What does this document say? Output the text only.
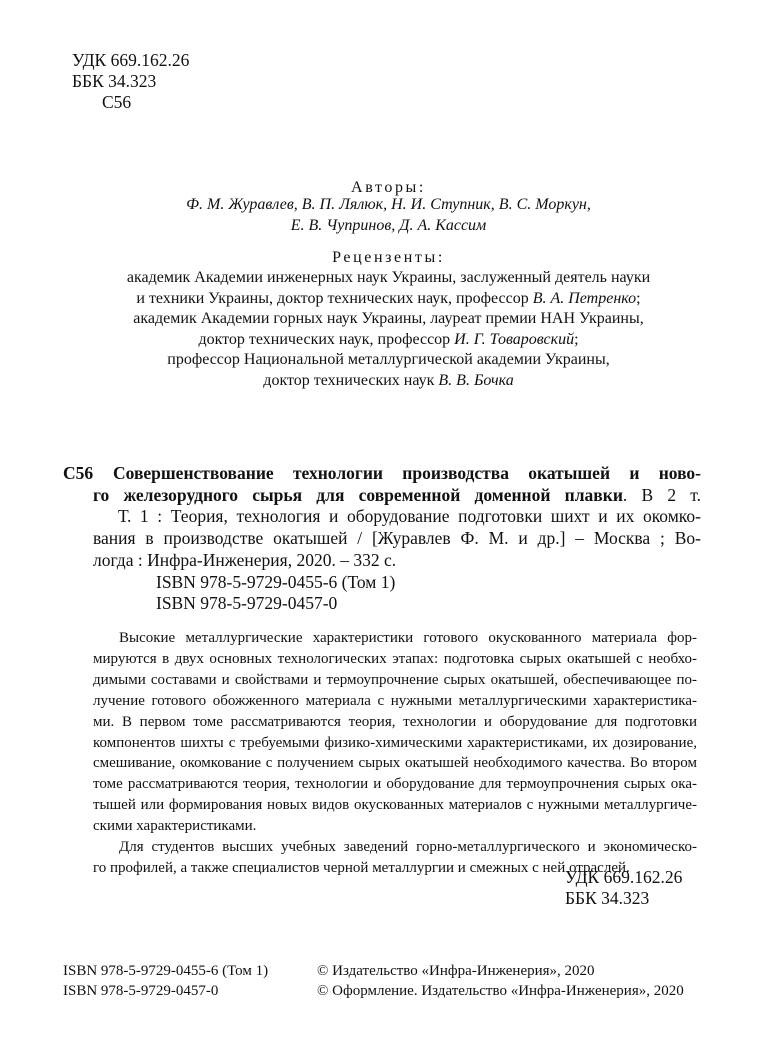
УДК 669.162.26
ББК 34.323
С56
Авторы:
Ф. М. Журавлев, В. П. Лялюк, Н. И. Ступник, В. С. Моркун,
Е. В. Чупринов, Д. А. Кассим
Рецензенты:
академик Академии инженерных наук Украины, заслуженный деятель науки
и техники Украины, доктор технических наук, профессор В. А. Петренко;
академик Академии горных наук Украины, лауреат премии НАН Украины,
доктор технических наук, профессор И. Г. Товаровский;
профессор Национальной металлургической академии Украины,
доктор технических наук В. В. Бочка
С56	Совершенствование технологии производства окатышей и ново-
го железорудного сырья для современной доменной плавки. В 2 т.
Т. 1 : Теория, технология и оборудование подготовки шихт и их окомко-
вания в производстве окатышей / [Журавлев Ф. М. и др.] – Москва ; Во-
логда : Инфра-Инженерия, 2020. – 332 с.
ISBN 978-5-9729-0455-6 (Том 1)
ISBN 978-5-9729-0457-0
Высокие металлургические характеристики готового окускованного материала фор-
мируются в двух основных технологических этапах: подготовка сырых окатышей с необхо-
димыми составами и свойствами и термоупрочнение сырых окатышей, обеспечивающее по-
лучение готового обожженного материала с нужными металлургическими характеристика-
ми. В первом томе рассматриваются теория, технологии и оборудование для подготовки
компонентов шихты с требуемыми физико-химическими характеристиками, их дозирование,
смешивание, окомкование с получением сырых окатышей необходимого качества. Во втором
томе рассматриваются теория, технологии и оборудование для термоупрочнения сырых ока-
тышей или формирования новых видов окускованных материалов с нужными металлургиче-
скими характеристиками.
Для студентов высших учебных заведений горно-металлургического и экономическо-
го профилей, а также специалистов черной металлургии и смежных с ней отраслей.
УДК 669.162.26
ББК 34.323
ISBN 978-5-9729-0455-6 (Том 1)
ISBN 978-5-9729-0457-0
© Издательство «Инфра-Инженерия», 2020
© Оформление. Издательство «Инфра-Инженерия», 2020
